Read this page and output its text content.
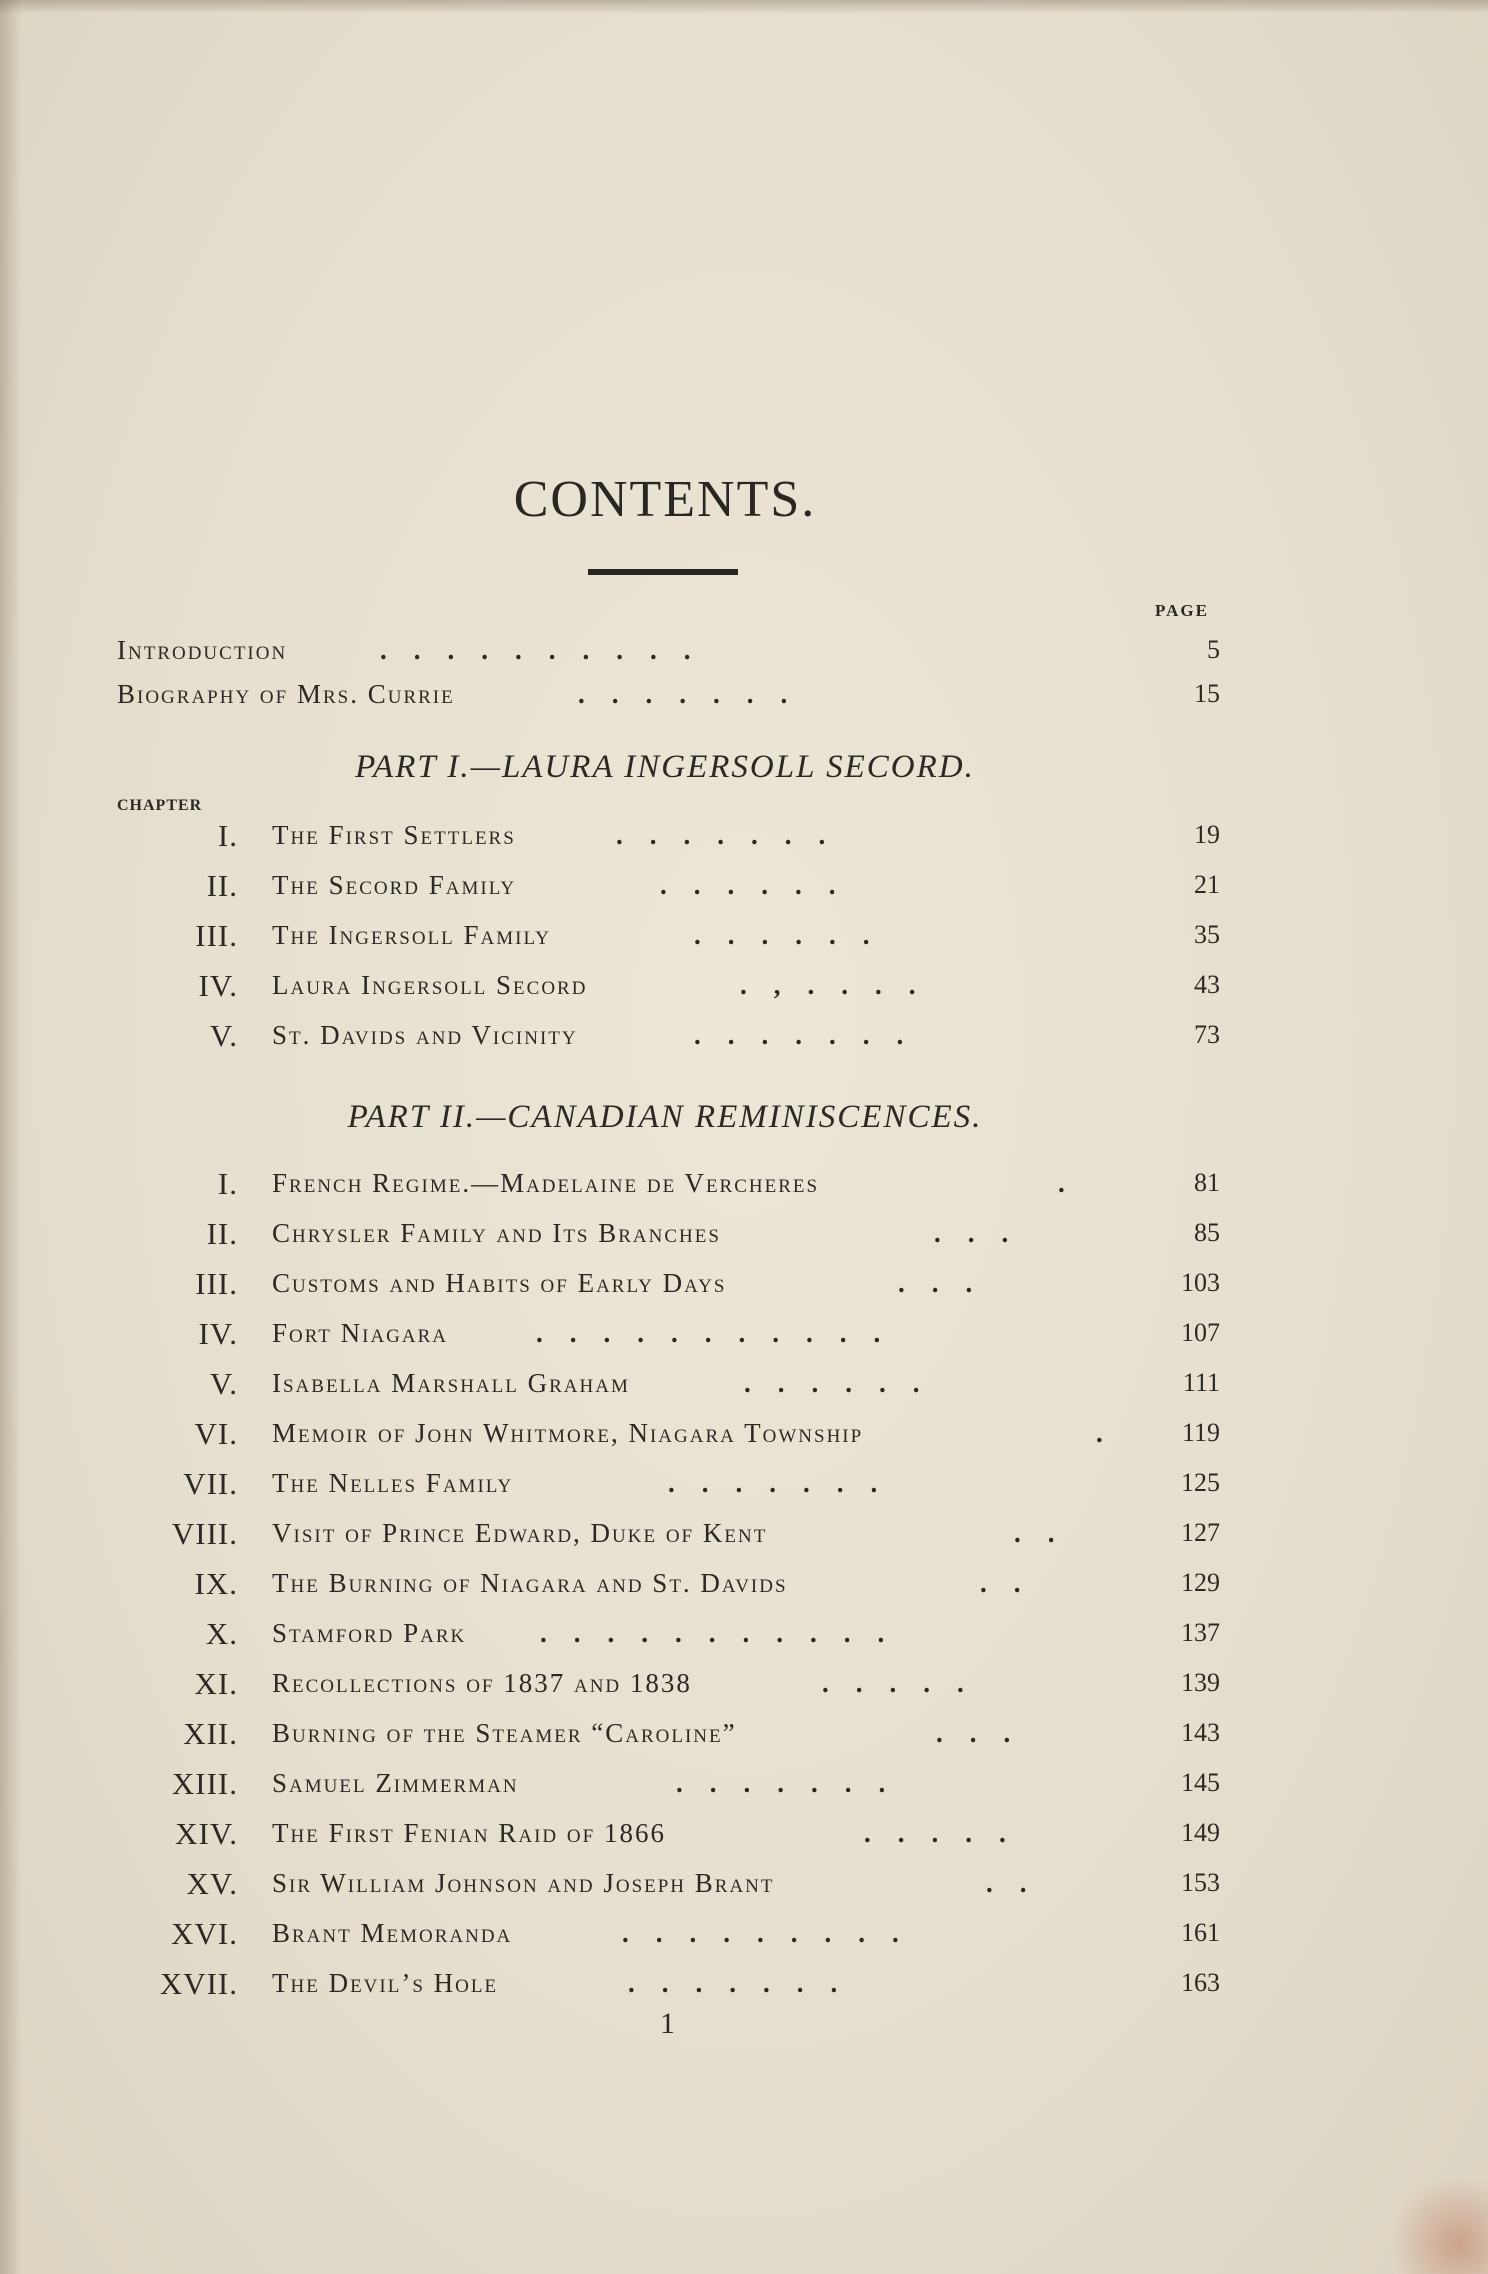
CONTENTS.
PAGE
Introduction	.    .    .    .    .    .    .    .    .    .	5
Biography of Mrs. Currie	.    .    .    .    .    .    .	15
PART I.—LAURA INGERSOLL SECORD.
CHAPTER
I. The First Settlers	.    .    .    .    .    .    .	19
II. The Secord Family	.    .    .    .    .    .	21
III. The Ingersoll Family	.    .    .    .    .    .	35
IV. Laura Ingersoll Secord	.    ,    .    .    .    .	43
V. St. Davids and Vicinity	.    .    .    .    .    .    .	73
PART II.—CANADIAN REMINISCENCES.
I. French Regime.—Madelaine de Vercheres	.	81
II. Chrysler Family and Its Branches	.    .    .	85
III. Customs and Habits of Early Days	.    .    .	103
IV. Fort Niagara	.    .    .    .    .    .    .    .    .    .    .	107
V. Isabella Marshall Graham	.    .    .    .    .    .	111
VI. Memoir of John Whitmore, Niagara Township	.	119
VII. The Nelles Family	.    .    .    .    .    .    .	125
VIII. Visit of Prince Edward, Duke of Kent	.    .	127
IX. The Burning of Niagara and St. Davids	.    .	129
X. Stamford Park	.    .    .    .    .    .    .    .    .    .    .	137
XI. Recollections of 1837 and 1838	.    .    .    .    .	139
XII. Burning of the Steamer “Caroline”	.    .    .	143
XIII. Samuel Zimmerman	.    .    .    .    .    .    .	145
XIV. The First Fenian Raid of 1866	.    .    .    .    .	149
XV. Sir William Johnson and Joseph Brant	.    .	153
XVI. Brant Memoranda	.    .    .    .    .    .    .    .    .	161
XVII. The Devil’s Hole	.    .    .    .    .    .    .	163
1
